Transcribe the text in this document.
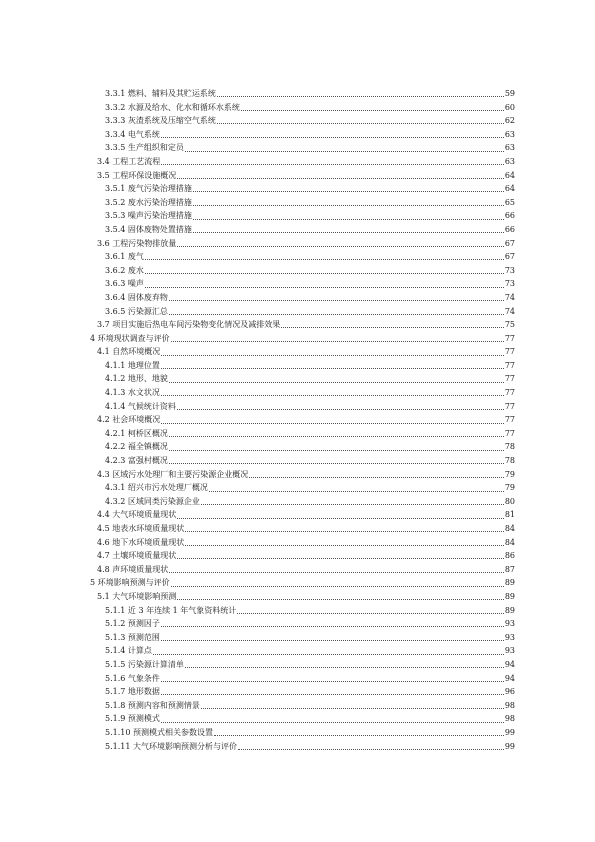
3.3.1 燃料、辅料及其贮运系统	59
3.3.2 水源及给水、化水和循环水系统	60
3.3.3 灰渣系统及压缩空气系统	62
3.3.4 电气系统	63
3.3.5 生产组织和定员	63
3.4 工程工艺流程	63
3.5 工程环保设施概况	64
3.5.1 废气污染治理措施	64
3.5.2 废水污染治理措施	65
3.5.3 噪声污染治理措施	66
3.5.4 固体废物处置措施	66
3.6 工程污染物排放量	67
3.6.1 废气	67
3.6.2 废水	73
3.6.3 噪声	73
3.6.4 固体废弃物	74
3.6.5 污染源汇总	74
3.7 项目实施后热电车间污染物变化情况及减排效果	75
4 环境现状调查与评价	77
4.1 自然环境概况	77
4.1.1 地理位置	77
4.1.2 地形、地貌	77
4.1.3 水文状况	77
4.1.4 气候统计资料	77
4.2 社会环境概况	77
4.2.1 柯桥区概况	77
4.2.2 福全镇概况	78
4.2.3 富强村概况	78
4.3 区域污水处理厂和主要污染源企业概况	79
4.3.1 绍兴市污水处理厂概况	79
4.3.2 区域同类污染源企业	80
4.4 大气环境质量现状	81
4.5 地表水环境质量现状	84
4.6 地下水环境质量现状	84
4.7 土壤环境质量现状	86
4.8 声环境质量现状	87
5 环境影响预测与评价	89
5.1 大气环境影响预测	89
5.1.1 近 3 年连续 1 年气象资料统计	89
5.1.2 预测因子	93
5.1.3 预测范围	93
5.1.4 计算点	93
5.1.5 污染源计算清单	94
5.1.6 气象条件	94
5.1.7 地形数据	96
5.1.8 预测内容和预测情景	98
5.1.9 预测模式	98
5.1.10 预测模式相关参数设置	99
5.1.11 大气环境影响预测分析与评价	99
